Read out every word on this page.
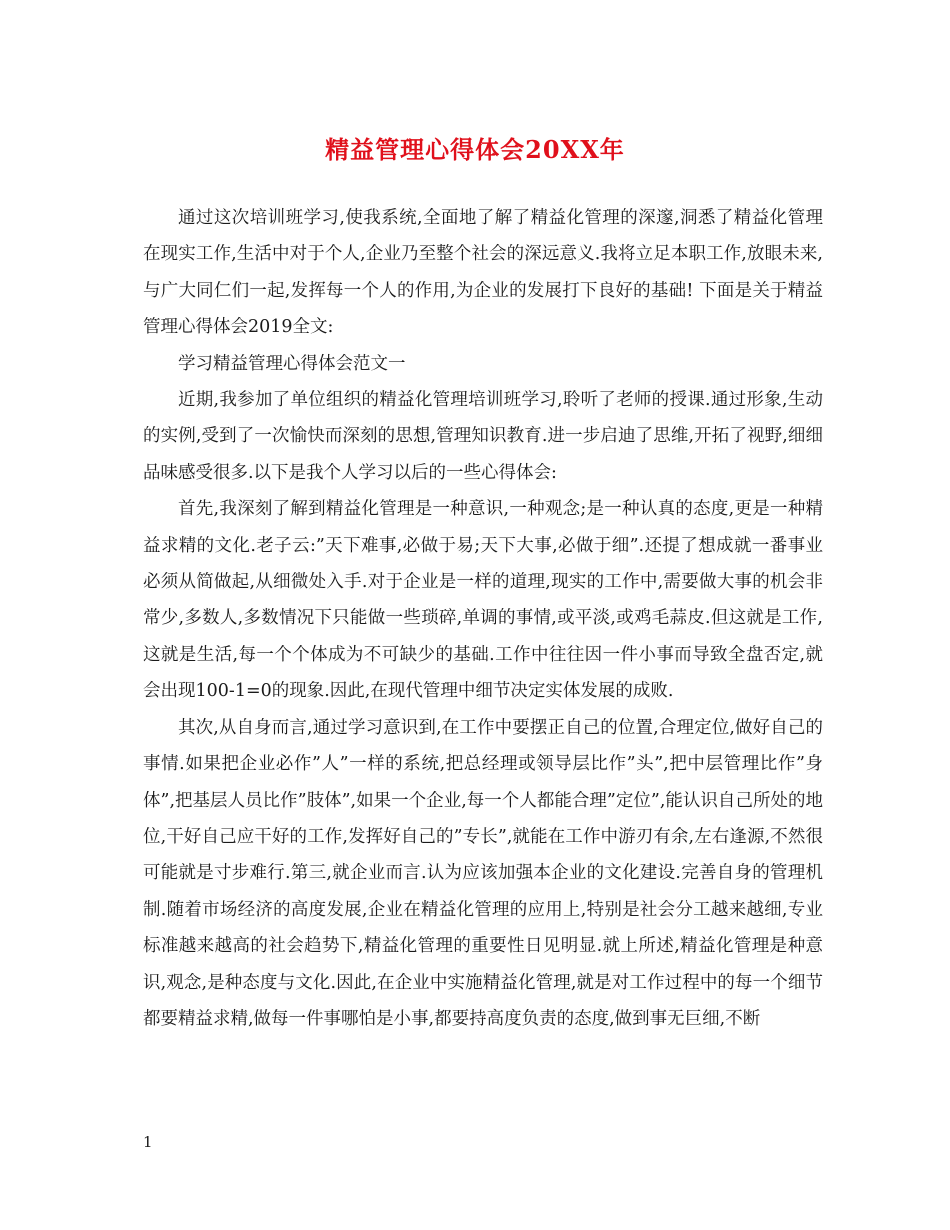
精益管理心得体会20XX年

通过这次培训班学习,使我系统,全面地了解了精益化管理的深邃,洞悉了精益化管理在现实工作,生活中对于个人,企业乃至整个社会的深远意义.我将立足本职工作,放眼未来,与广大同仁们一起,发挥每一个人的作用,为企业的发展打下良好的基础! 下面是关于精益管理心得体会2019全文:

学习精益管理心得体会范文一

近期,我参加了单位组织的精益化管理培训班学习,聆听了老师的授课.通过形象,生动的实例,受到了一次愉快而深刻的思想,管理知识教育.进一步启迪了思维,开拓了视野,细细品味感受很多.以下是我个人学习以后的一些心得体会:

首先,我深刻了解到精益化管理是一种意识,一种观念;是一种认真的态度,更是一种精益求精的文化.老子云:”天下难事,必做于易;天下大事,必做于细”.还提了想成就一番事业必须从简做起,从细微处入手.对于企业是一样的道理,现实的工作中,需要做大事的机会非常少,多数人,多数情况下只能做一些琐碎,单调的事情,或平淡,或鸡毛蒜皮.但这就是工作,这就是生活,每一个个体成为不可缺少的基础.工作中往往因一件小事而导致全盘否定,就会出现100-1=0的现象.因此,在现代管理中细节决定实体发展的成败.

其次,从自身而言,通过学习意识到,在工作中要摆正自己的位置,合理定位,做好自己的事情.如果把企业必作”人”一样的系统,把总经理或领导层比作”头”,把中层管理比作”身体”,把基层人员比作”肢体”,如果一个企业,每一个人都能合理”定位”,能认识自己所处的地位,干好自己应干好的工作,发挥好自己的”专长”,就能在工作中游刃有余,左右逢源,不然很可能就是寸步难行.第三,就企业而言.认为应该加强本企业的文化建设.完善自身的管理机制.随着市场经济的高度发展,企业在精益化管理的应用上,特别是社会分工越来越细,专业标准越来越高的社会趋势下,精益化管理的重要性日见明显.就上所述,精益化管理是种意识,观念,是种态度与文化.因此,在企业中实施精益化管理,就是对工作过程中的每一个细节都要精益求精,做每一件事哪怕是小事,都要持高度负责的态度,做到事无巨细,不断

1
